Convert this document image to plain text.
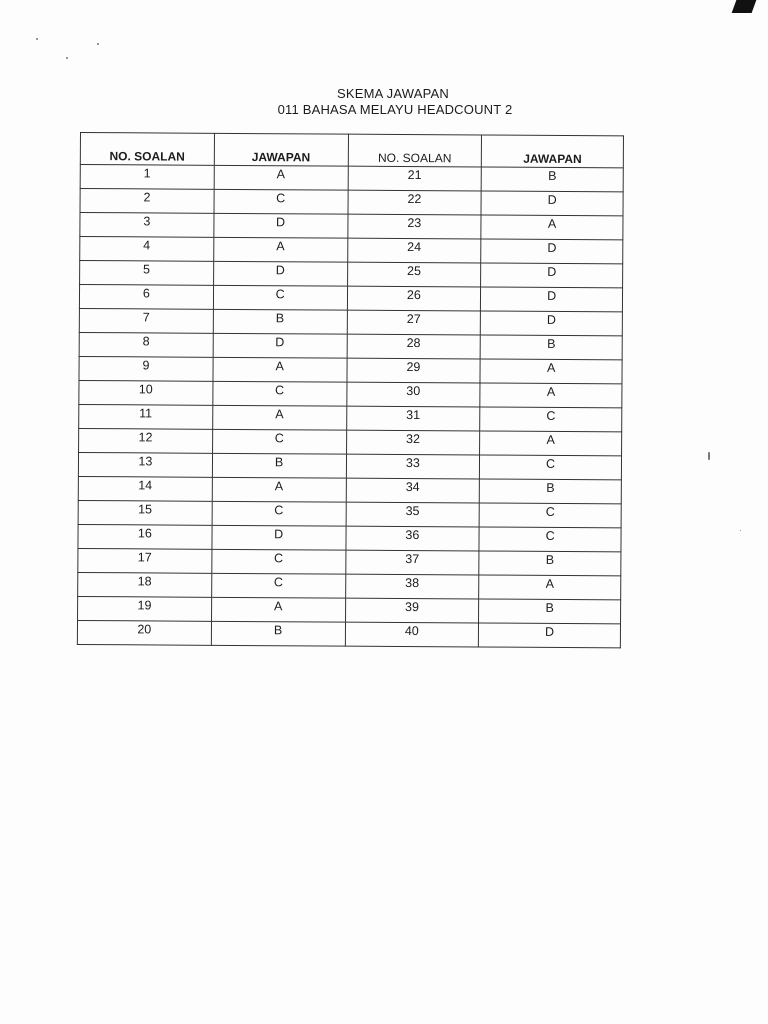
SKEMA JAWAPAN
011 BAHASA MELAYU HEADCOUNT 2
NO. SOALAN	JAWAPAN	NO. SOALAN	JAWAPAN
1	A	21	B
2	C	22	D
3	D	23	A
4	A	24	D
5	D	25	D
6	C	26	D
7	B	27	D
8	D	28	B
9	A	29	A
10	C	30	A
11	A	31	C
12	C	32	A
13	B	33	C
14	A	34	B
15	C	35	C
16	D	36	C
17	C	37	B
18	C	38	A
19	A	39	B
20	B	40	D
